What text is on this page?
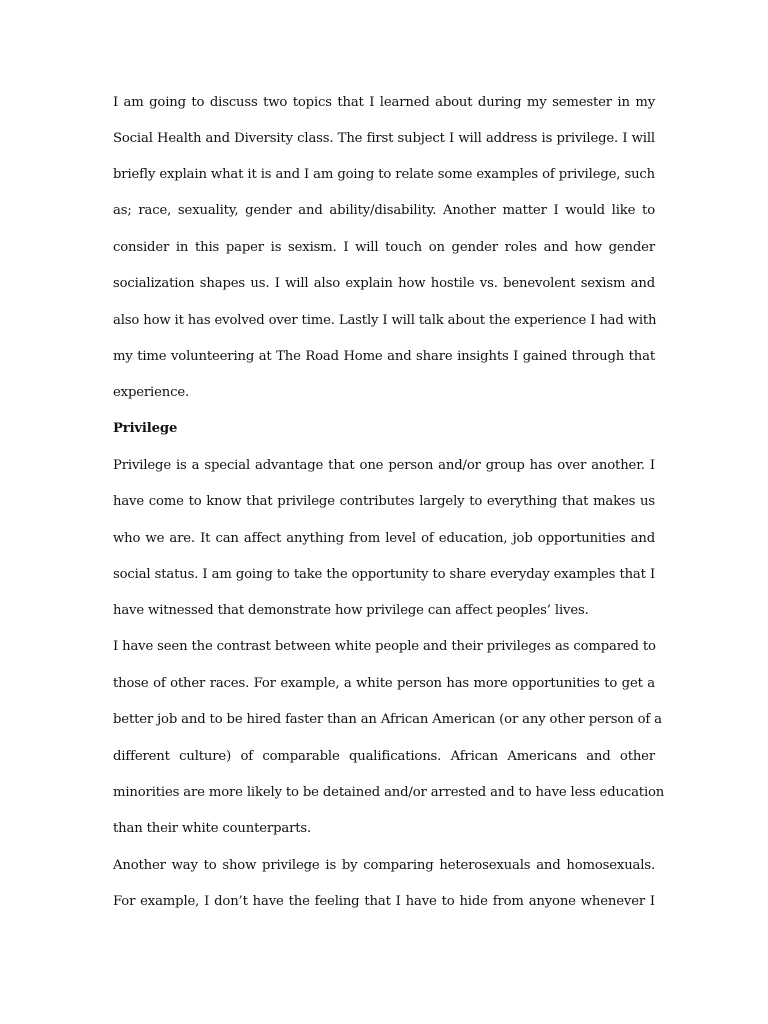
I am going to discuss two topics that I learned about during my semester in my
Social Health and Diversity class. The first subject I will address is privilege. I will
briefly explain what it is and I am going to relate some examples of privilege, such
as; race, sexuality, gender and ability/disability. Another matter I would like to
consider in this paper is sexism. I will touch on gender roles and how gender
socialization shapes us. I will also explain how hostile vs. benevolent sexism and
also how it has evolved over time. Lastly I will talk about the experience I had with
my time volunteering at The Road Home and share insights I gained through that
experience.
Privilege
Privilege is a special advantage that one person and/or group has over another. I
have come to know that privilege contributes largely to everything that makes us
who we are. It can affect anything from level of education, job opportunities and
social status. I am going to take the opportunity to share everyday examples that I
have witnessed that demonstrate how privilege can affect peoples’ lives.
I have seen the contrast between white people and their privileges as compared to
those of other races. For example, a white person has more opportunities to get a
better job and to be hired faster than an African American (or any other person of a
different culture) of comparable qualifications. African Americans and other
minorities are more likely to be detained and/or arrested and to have less education
than their white counterparts.
Another way to show privilege is by comparing heterosexuals and homosexuals.
For example, I don’t have the feeling that I have to hide from anyone whenever I
